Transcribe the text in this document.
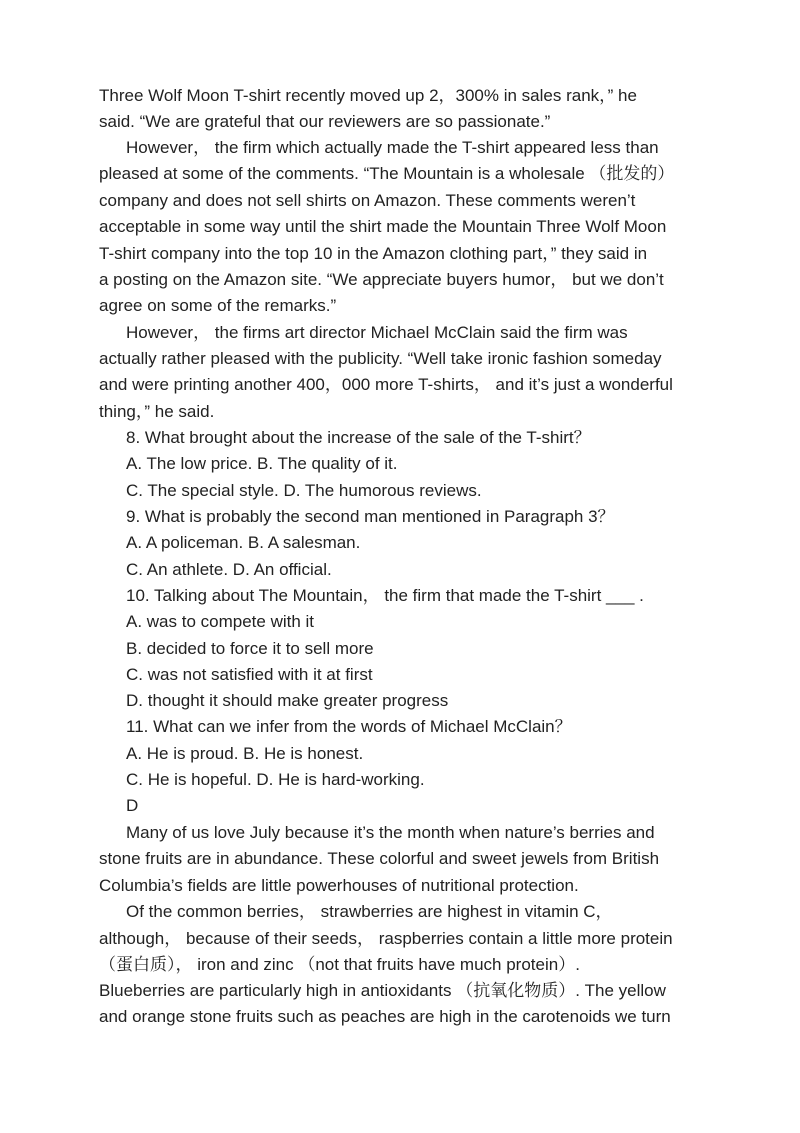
Three Wolf Moon T-shirt recently moved up 2，300% in sales rank，” he

said. “We are grateful that our reviewers are so passionate.”

However， the firm which actually made the T-shirt appeared less than

pleased at some of the comments. “The Mountain is a wholesale （批发的）

company and does not sell shirts on Amazon. These comments weren’t

acceptable in some way until the shirt made the Mountain Three Wolf Moon

T-shirt company into the top 10 in the Amazon clothing part，” they said in

a posting on the Amazon site. “We appreciate buyers humor， but we don’t

agree on some of the remarks.”

However， the firms art director Michael McClain said the firm was

actually rather pleased with the publicity. “Well take ironic fashion someday

and were printing another 400，000 more T-shirts， and it’s just a wonderful

thing，” he said.

8. What brought about the increase of the sale of the T-shirt？

A. The low price. B. The quality of it.

C. The special style. D. The humorous reviews.

9. What is probably the second man mentioned in Paragraph 3？

A. A policeman. B. A salesman.

C. An athlete. D. An official.

10. Talking about The Mountain， the firm that made the T-shirt ___ .

A. was to compete with it

B. decided to force it to sell more

C. was not satisfied with it at first

D. thought it should make greater progress

11. What can we infer from the words of Michael McClain？

A. He is proud. B. He is honest.

C. He is hopeful. D. He is hard-working.

D

Many of us love July because it’s the month when nature’s berries and

stone fruits are in abundance. These colorful and sweet jewels from British

Columbia’s fields are little powerhouses of nutritional protection.

Of the common berries， strawberries are highest in vitamin C，

although， because of their seeds， raspberries contain a little more protein

（蛋白质）， iron and zinc （not that fruits have much protein）.

Blueberries are particularly high in antioxidants （抗氧化物质）. The yellow

and orange stone fruits such as peaches are high in the carotenoids we turn
